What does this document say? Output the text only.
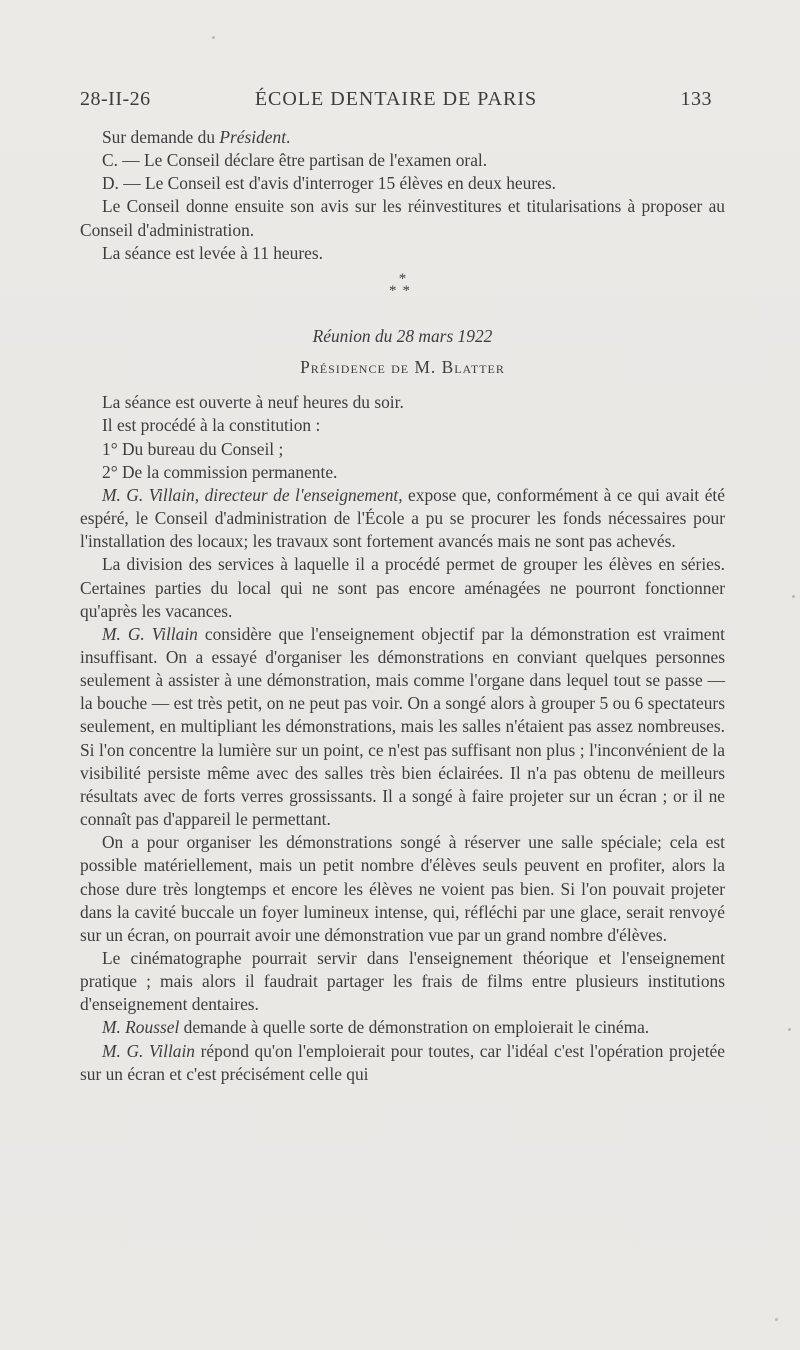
28-II-26	ÉCOLE DENTAIRE DE PARIS	133

Sur demande du Président.

C. — Le Conseil déclare être partisan de l'examen oral.

D. — Le Conseil est d'avis d'interroger 15 élèves en deux heures.

Le Conseil donne ensuite son avis sur les réinvestitures et titularisations à proposer au Conseil d'administration.

La séance est levée à 11 heures.

*
**
Réunion du 28 mars 1922
Présidence de M. Blatter

La séance est ouverte à neuf heures du soir.

Il est procédé à la constitution :

1° Du bureau du Conseil ;

2° De la commission permanente.

M. G. Villain, directeur de l'enseignement, expose que, conformément à ce qui avait été espéré, le Conseil d'administration de l'École a pu se procurer les fonds nécessaires pour l'installation des locaux; les travaux sont fortement avancés mais ne sont pas achevés.

La division des services à laquelle il a procédé permet de grouper les élèves en séries. Certaines parties du local qui ne sont pas encore aménagées ne pourront fonctionner qu'après les vacances.

M. G. Villain considère que l'enseignement objectif par la démonstration est vraiment insuffisant. On a essayé d'organiser les démonstrations en conviant quelques personnes seulement à assister à une démonstration, mais comme l'organe dans lequel tout se passe — la bouche — est très petit, on ne peut pas voir. On a songé alors à grouper 5 ou 6 spectateurs seulement, en multipliant les démonstrations, mais les salles n'étaient pas assez nombreuses. Si l'on concentre la lumière sur un point, ce n'est pas suffisant non plus ; l'inconvénient de la visibilité persiste même avec des salles très bien éclairées. Il n'a pas obtenu de meilleurs résultats avec de forts verres grossissants. Il a songé à faire projeter sur un écran ; or il ne connaît pas d'appareil le permettant.

On a pour organiser les démonstrations songé à réserver une salle spéciale; cela est possible matériellement, mais un petit nombre d'élèves seuls peuvent en profiter, alors la chose dure très longtemps et encore les élèves ne voient pas bien. Si l'on pouvait projeter dans la cavité buccale un foyer lumineux intense, qui, réfléchi par une glace, serait renvoyé sur un écran, on pourrait avoir une démonstration vue par un grand nombre d'élèves.

Le cinématographe pourrait servir dans l'enseignement théorique et l'enseignement pratique ; mais alors il faudrait partager les frais de films entre plusieurs institutions d'enseignement dentaires.

M. Roussel demande à quelle sorte de démonstration on emploierait le cinéma.

M. G. Villain répond qu'on l'emploierait pour toutes, car l'idéal c'est l'opération projetée sur un écran et c'est précisément celle qui
